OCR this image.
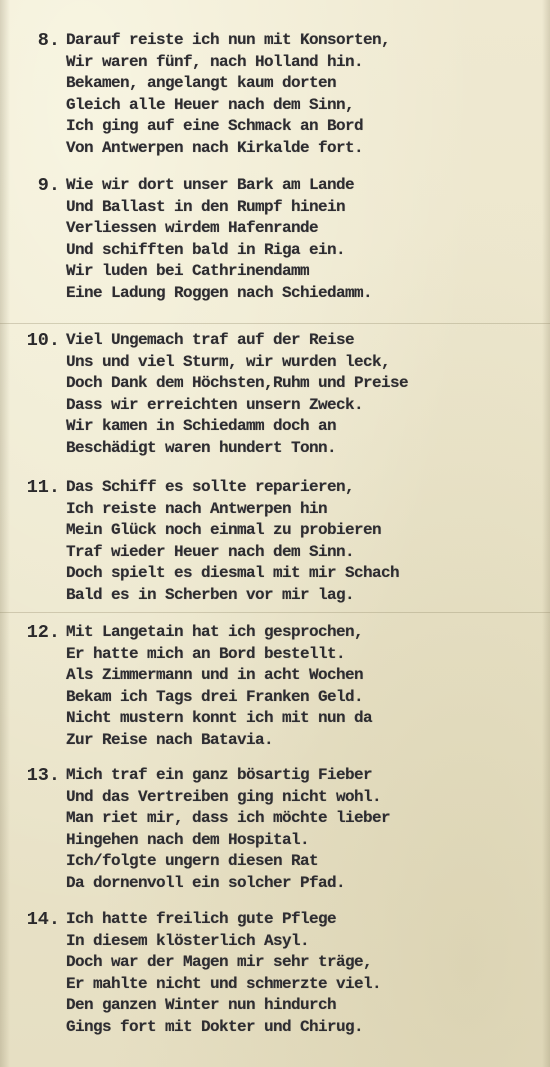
8. Darauf reiste ich nun mit Konsorten,
Wir waren fünf, nach Holland hin.
Bekamen, angelangt kaum dorten
Gleich alle Heuer nach dem Sinn,
Ich ging auf eine Schmack an Bord
Von Antwerpen nach Kirkalde fort.
9. Wie wir dort unser Bark am Lande
Und Ballast in den Rumpf hinein
Verliessen wirdem Hafenrande
Und schifften bald in Riga ein.
Wir luden bei Cathrinendamm
Eine Ladung Roggen nach Schiedamm.
10. Viel Ungemach traf auf der Reise
Uns und viel Sturm, wir wurden leck,
Doch Dank dem Höchsten,Ruhm und Preise
Dass wir erreichten unsern Zweck.
Wir kamen in Schiedamm doch an
Beschädigt waren hundert Tonn.
11. Das Schiff es sollte reparieren,
Ich reiste nach Antwerpen hin
Mein Glück noch einmal zu probieren
Traf wieder Heuer nach dem Sinn.
Doch spielt es diesmal mit mir Schach
Bald es in Scherben vor mir lag.
12. Mit Langetain hat ich gesprochen,
Er hatte mich an Bord bestellt.
Als Zimmermann und in acht Wochen
Bekam ich Tags drei Franken Geld.
Nicht mustern konnt ich mit nun da
Zur Reise nach Batavia.
13. Mich traf ein ganz bösartig Fieber
Und das Vertreiben ging nicht wohl.
Man riet mir, dass ich möchte lieber
Hingehen nach dem Hospital.
Ich/folgte ungern diesen Rat
Da dornenvoll ein solcher Pfad.
14. Ich hatte freilich gute Pflege
In diesem klösterlich Asyl.
Doch war der Magen mir sehr träge,
Er mahlte nicht und schmerzte viel.
Den ganzen Winter nun hindurch
Gings fort mit Dokter und Chirug.
